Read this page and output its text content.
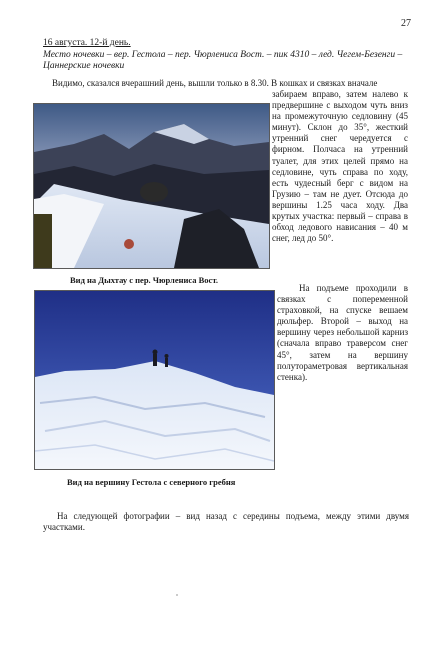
27
16 августа. 12-й день.
Место ночевки – вер. Гестола – пер. Чюрлениса Вост. – пик 4310 – лед. Чегем-Безенги – Цаннерские ночевки
Видимо, сказался вчерашний день, вышли только в 8.30. В кошках и связках вначале
забираем вправо, затем налево к предвершине с выходом чуть вниз на промежуточную седловину (45 минут). Склон до 35°, жесткий утренний снег чередуется с фирном. Полчаса на утренний туалет, для этих целей прямо на седловине, чуть справа по ходу, есть чудесный берг с видом на Грузию – там не дует. Отсюда до вершины 1.25 часа ходу. Два крутых участка: первый – справа в обход ледового нависания – 40 м снег, лед до 50°.
Вид на Дыхтау с пер. Чюрлениса Вост.
На подъеме проходили в связках с попеременной страховкой, на спуске вешаем дюльфер. Второй – выход на вершину через небольшой карниз (сначала вправо траверсом снег 45°, затем на вершину полутораметровая вертикальная стенка).
Вид на вершину Гестола с северного гребня
На следующей фотографии – вид назад с середины подъема, между этими двумя участками.
